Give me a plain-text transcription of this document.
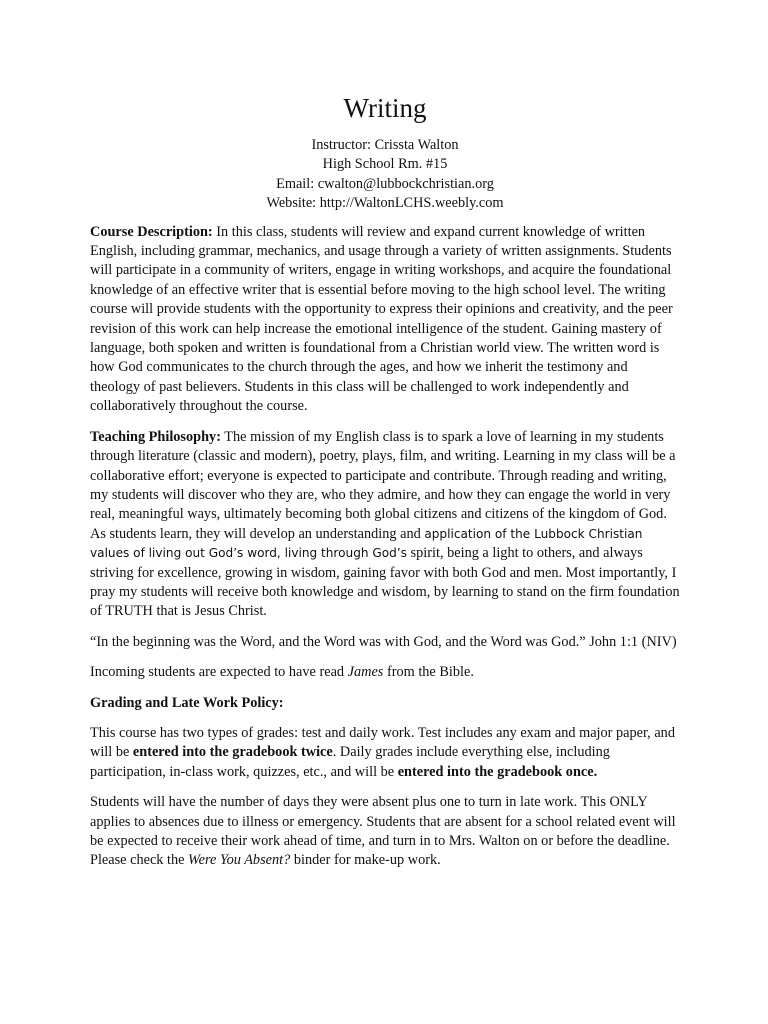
Writing
Instructor: Crissta Walton
High School Rm. #15
Email: cwalton@lubbockchristian.org
Website: http://WaltonLCHS.weebly.com

Course Description: In this class, students will review and expand current knowledge of written English, including grammar, mechanics, and usage through a variety of written assignments. Students will participate in a community of writers, engage in writing workshops, and acquire the foundational knowledge of an effective writer that is essential before moving to the high school level. The writing course will provide students with the opportunity to express their opinions and creativity, and the peer revision of this work can help increase the emotional intelligence of the student. Gaining mastery of language, both spoken and written is foundational from a Christian world view. The written word is how God communicates to the church through the ages, and how we inherit the testimony and theology of past believers. Students in this class will be challenged to work independently and collaboratively throughout the course.

Teaching Philosophy: The mission of my English class is to spark a love of learning in my students through literature (classic and modern), poetry, plays, film, and writing. Learning in my class will be a collaborative effort; everyone is expected to participate and contribute. Through reading and writing, my students will discover who they are, who they admire, and how they can engage the world in very real, meaningful ways, ultimately becoming both global citizens and citizens of the kingdom of God. As students learn, they will develop an understanding and application of the Lubbock Christian values of living out God’s word, living through God’s spirit, being a light to others, and always striving for excellence, growing in wisdom, gaining favor with both God and men. Most importantly, I pray my students will receive both knowledge and wisdom, by learning to stand on the firm foundation of TRUTH that is Jesus Christ.

“In the beginning was the Word, and the Word was with God, and the Word was God.” John 1:1 (NIV)

Incoming students are expected to have read James from the Bible.

Grading and Late Work Policy:

This course has two types of grades: test and daily work. Test includes any exam and major paper, and will be entered into the gradebook twice. Daily grades include everything else, including participation, in-class work, quizzes, etc., and will be entered into the gradebook once.

Students will have the number of days they were absent plus one to turn in late work. This ONLY applies to absences due to illness or emergency. Students that are absent for a school related event will be expected to receive their work ahead of time, and turn in to Mrs. Walton on or before the deadline. Please check the Were You Absent? binder for make-up work.
